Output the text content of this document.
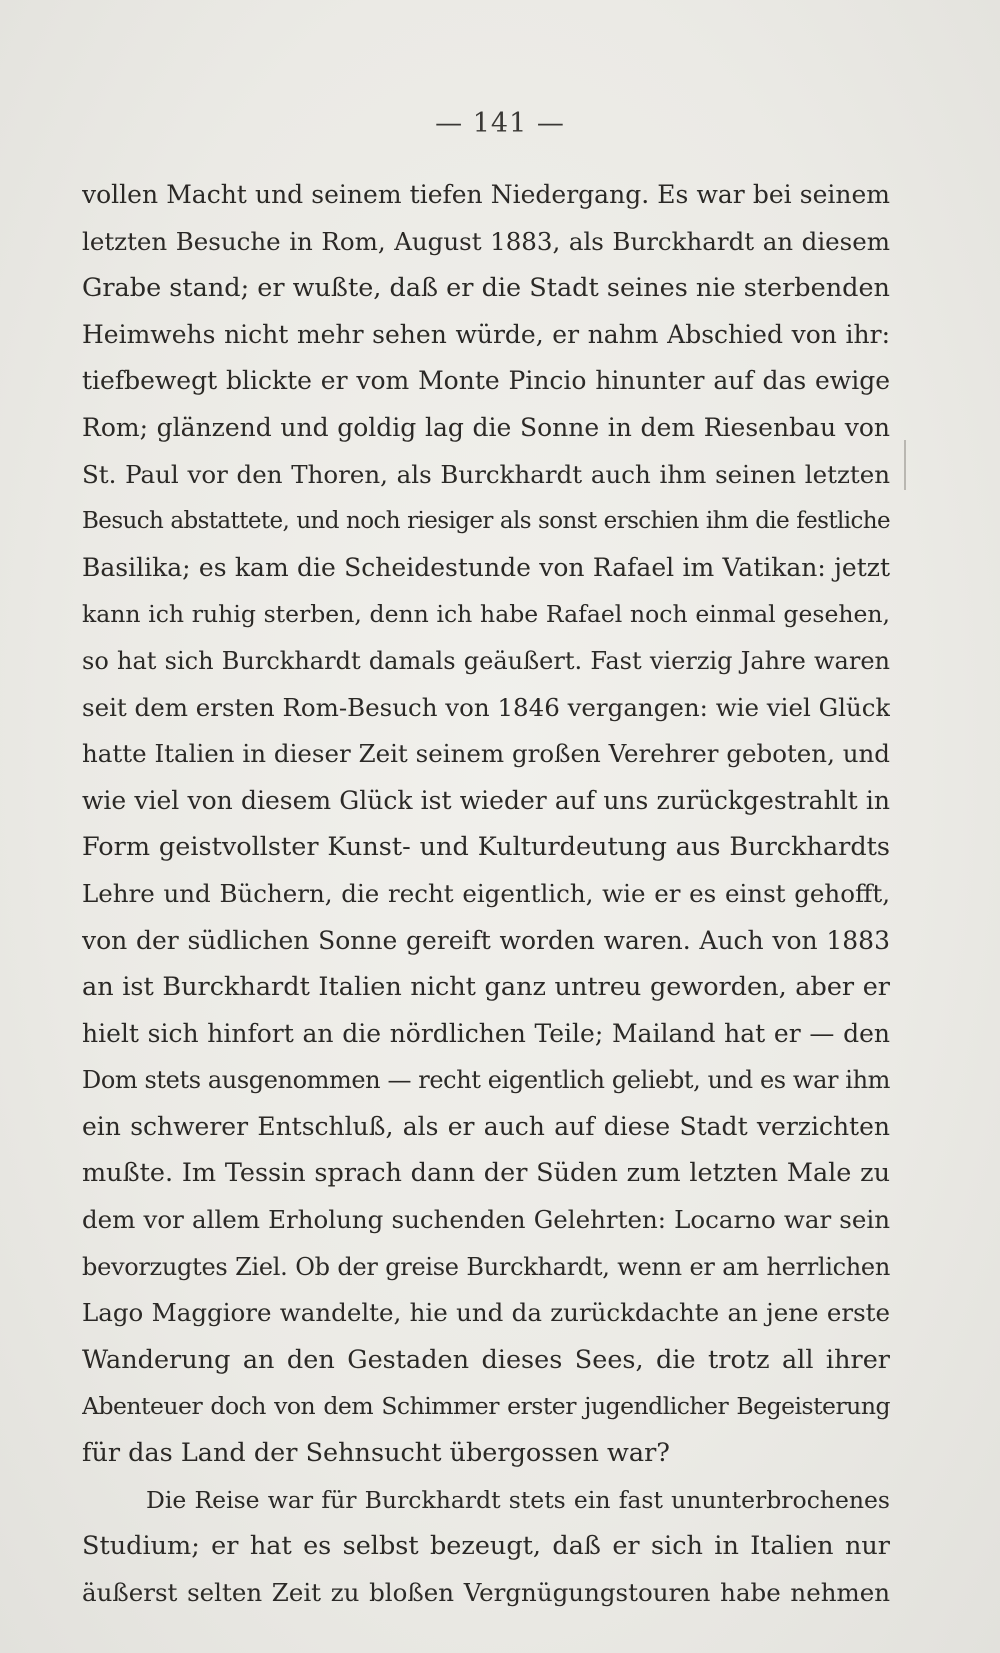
— 141 —
vollen Macht und seinem tiefen Niedergang. Es war bei seinem
letzten Besuche in Rom, August 1883, als Burckhardt an diesem
Grabe stand; er wußte, daß er die Stadt seines nie sterbenden
Heimwehs nicht mehr sehen würde, er nahm Abschied von ihr:
tiefbewegt blickte er vom Monte Pincio hinunter auf das ewige
Rom; glänzend und goldig lag die Sonne in dem Riesenbau von
St. Paul vor den Thoren, als Burckhardt auch ihm seinen letzten
Besuch abstattete, und noch riesiger als sonst erschien ihm die festliche
Basilika; es kam die Scheidestunde von Rafael im Vatikan: jetzt
kann ich ruhig sterben, denn ich habe Rafael noch einmal gesehen,
so hat sich Burckhardt damals geäußert. Fast vierzig Jahre waren
seit dem ersten Rom-Besuch von 1846 vergangen: wie viel Glück
hatte Italien in dieser Zeit seinem großen Verehrer geboten, und
wie viel von diesem Glück ist wieder auf uns zurückgestrahlt in
Form geistvollster Kunst- und Kulturdeutung aus Burckhardts
Lehre und Büchern, die recht eigentlich, wie er es einst gehofft,
von der südlichen Sonne gereift worden waren. Auch von 1883
an ist Burckhardt Italien nicht ganz untreu geworden, aber er
hielt sich hinfort an die nördlichen Teile; Mailand hat er — den
Dom stets ausgenommen — recht eigentlich geliebt, und es war ihm
ein schwerer Entschluß, als er auch auf diese Stadt verzichten
mußte. Im Tessin sprach dann der Süden zum letzten Male zu
dem vor allem Erholung suchenden Gelehrten: Locarno war sein
bevorzugtes Ziel. Ob der greise Burckhardt, wenn er am herrlichen
Lago Maggiore wandelte, hie und da zurückdachte an jene erste
Wanderung an den Gestaden dieses Sees, die trotz all ihrer
Abenteuer doch von dem Schimmer erster jugendlicher Begeisterung
für das Land der Sehnsucht übergossen war?
Die Reise war für Burckhardt stets ein fast ununterbrochenes
Studium; er hat es selbst bezeugt, daß er sich in Italien nur
äußerst selten Zeit zu bloßen Vergnügungstouren habe nehmen
